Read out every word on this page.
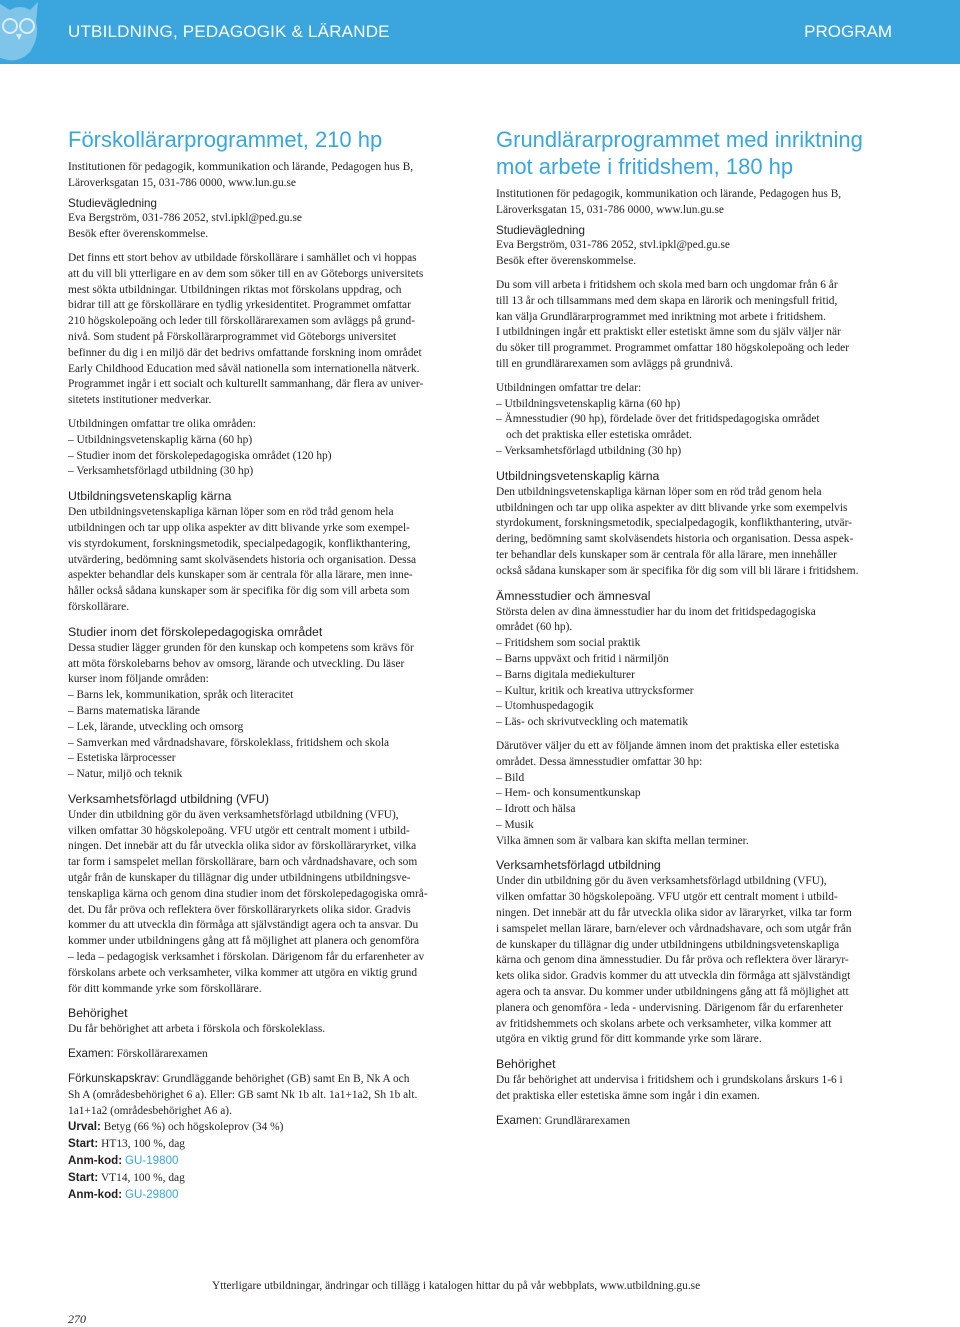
UTBILDNING, PEDAGOGIK & LÄRANDE	PROGRAM
Förskollärarprogrammet, 210 hp

Institutionen för pedagogik, kommunikation och lärande, Pedagogen hus B,

Läroverksgatan 15, 031-786 0000, www.lun.gu.se

Studievägledning

Eva Bergström, 031-786 2052, stvl.ipkl@ped.gu.se

Besök efter överenskommelse.

Det finns ett stort behov av utbildade förskollärare i samhället och vi hoppas

att du vill bli ytterligare en av dem som söker till en av Göteborgs universitets

mest sökta utbildningar. Utbildningen riktas mot förskolans uppdrag, och

bidrar till att ge förskollärare en tydlig yrkesidentitet. Programmet omfattar

210 högskolepoäng och leder till förskollärarexamen som avläggs på grund-

nivå. Som student på Förskollärarprogrammet vid Göteborgs universitet

befinner du dig i en miljö där det bedrivs omfattande forskning inom området

Early Childhood Education med såväl nationella som internationella nätverk.

Programmet ingår i ett socialt och kulturellt sammanhang, där flera av univer-

sitetets institutioner medverkar.

Utbildningen omfattar tre olika områden:

– Utbildningsvetenskaplig kärna (60 hp)
– Studier inom det förskolepedagogiska området (120 hp)
– Verksamhetsförlagd utbildning (30 hp)
Utbildningsvetenskaplig kärna

Den utbildningsvetenskapliga kärnan löper som en röd tråd genom hela

utbildningen och tar upp olika aspekter av ditt blivande yrke som exempel-

vis styrdokument, forskningsmetodik, specialpedagogik, konflikthantering,

utvärdering, bedömning samt skolväsendets historia och organisation. Dessa

aspekter behandlar dels kunskaper som är centrala för alla lärare, men inne-

håller också sådana kunskaper som är specifika för dig som vill arbeta som

förskollärare.

Studier inom det förskolepedagogiska området

Dessa studier lägger grunden för den kunskap och kompetens som krävs för

att möta förskolebarns behov av omsorg, lärande och utveckling. Du läser

kurser inom följande områden:

– Barns lek, kommunikation, språk och literacitet
– Barns matematiska lärande
– Lek, lärande, utveckling och omsorg
– Samverkan med vårdnadshavare, förskoleklass, fritidshem och skola
– Estetiska lärprocesser
– Natur, miljö och teknik
Verksamhetsförlagd utbildning (VFU)

Under din utbildning gör du även verksamhetsförlagd utbildning (VFU),

vilken omfattar 30 högskolepoäng. VFU utgör ett centralt moment i utbild-

ningen. Det innebär att du får utveckla olika sidor av förskolläraryrket, vilka

tar form i samspelet mellan förskollärare, barn och vårdnadshavare, och som

utgår från de kunskaper du tillägnar dig under utbildningens utbildningsve-

tenskapliga kärna och genom dina studier inom det förskolepedagogiska områ-

det. Du får pröva och reflektera över förskolläraryrkets olika sidor. Gradvis

kommer du att utveckla din förmåga att självständigt agera och ta ansvar. Du

kommer under utbildningens gång att få möjlighet att planera och genomföra

– leda – pedagogisk verksamhet i förskolan. Därigenom får du erfarenheter av

förskolans arbete och verksamheter, vilka kommer att utgöra en viktig grund

för ditt kommande yrke som förskollärare.

Behörighet

Du får behörighet att arbeta i förskola och förskoleklass.

Examen: Förskollärarexamen

Förkunskapskrav: Grundläggande behörighet (GB) samt En B, Nk A och

Sh A (områdesbehörighet 6 a). Eller: GB samt Nk 1b alt. 1a1+1a2, Sh 1b alt.

1a1+1a2 (områdesbehörighet A6 a).

Urval: Betyg (66 %) och högskoleprov (34 %)

Start: HT13, 100 %, dag

Anm-kod: GU-19800

Start: VT14, 100 %, dag

Anm-kod: GU-29800

Grundlärarprogrammet med inriktning
mot arbete i fritidshem, 180 hp

Institutionen för pedagogik, kommunikation och lärande, Pedagogen hus B,

Läroverksgatan 15, 031-786 0000, www.lun.gu.se

Studievägledning

Eva Bergström, 031-786 2052, stvl.ipkl@ped.gu.se

Besök efter överenskommelse.

Du som vill arbeta i fritidshem och skola med barn och ungdomar från 6 år

till 13 år och tillsammans med dem skapa en lärorik och meningsfull fritid,

kan välja Grundlärarprogrammet med inriktning mot arbete i fritidshem.

I utbildningen ingår ett praktiskt eller estetiskt ämne som du själv väljer när

du söker till programmet. Programmet omfattar 180 högskolepoäng och leder

till en grundlärarexamen som avläggs på grundnivå.

Utbildningen omfattar tre delar:

– Utbildningsvetenskaplig kärna (60 hp)
– Ämnesstudier (90 hp), fördelade över det fritidspedagogiska området
och det praktiska eller estetiska området.
– Verksamhetsförlagd utbildning (30 hp)
Utbildningsvetenskaplig kärna

Den utbildningsvetenskapliga kärnan löper som en röd tråd genom hela

utbildningen och tar upp olika aspekter av ditt blivande yrke som exempelvis

styrdokument, forskningsmetodik, specialpedagogik, konflikthantering, utvär-

dering, bedömning samt skolväsendets historia och organisation. Dessa aspek-

ter behandlar dels kunskaper som är centrala för alla lärare, men innehåller

också sådana kunskaper som är specifika för dig som vill bli lärare i fritidshem.

Ämnesstudier och ämnesval

Största delen av dina ämnesstudier har du inom det fritidspedagogiska

området (60 hp).

– Fritidshem som social praktik
– Barns uppväxt och fritid i närmiljön
– Barns digitala mediekulturer
– Kultur, kritik och kreativa uttrycksformer
– Utomhuspedagogik
– Läs- och skrivutveckling och matematik

Därutöver väljer du ett av följande ämnen inom det praktiska eller estetiska

området. Dessa ämnesstudier omfattar 30 hp:

– Bild
– Hem- och konsumentkunskap
– Idrott och hälsa
– Musik

Vilka ämnen som är valbara kan skifta mellan terminer.

Verksamhetsförlagd utbildning

Under din utbildning gör du även verksamhetsförlagd utbildning (VFU),

vilken omfattar 30 högskolepoäng. VFU utgör ett centralt moment i utbild-

ningen. Det innebär att du får utveckla olika sidor av läraryrket, vilka tar form

i samspelet mellan lärare, barn/elever och vårdnadshavare, och som utgår från

de kunskaper du tillägnar dig under utbildningens utbildningsvetenskapliga

kärna och genom dina ämnesstudier. Du får pröva och reflektera över läraryr-

kets olika sidor. Gradvis kommer du att utveckla din förmåga att självständigt

agera och ta ansvar. Du kommer under utbildningens gång att få möjlighet att

planera och genomföra - leda - undervisning. Därigenom får du erfarenheter

av fritidshemmets och skolans arbete och verksamheter, vilka kommer att

utgöra en viktig grund för ditt kommande yrke som lärare.

Behörighet

Du får behörighet att undervisa i fritidshem och i grundskolans årskurs 1-6 i

det praktiska eller estetiska ämne som ingår i din examen.

Examen: Grundlärarexamen

Ytterligare utbildningar, ändringar och tillägg i katalogen hittar du på vår webbplats, www.utbildning.gu.se
270
